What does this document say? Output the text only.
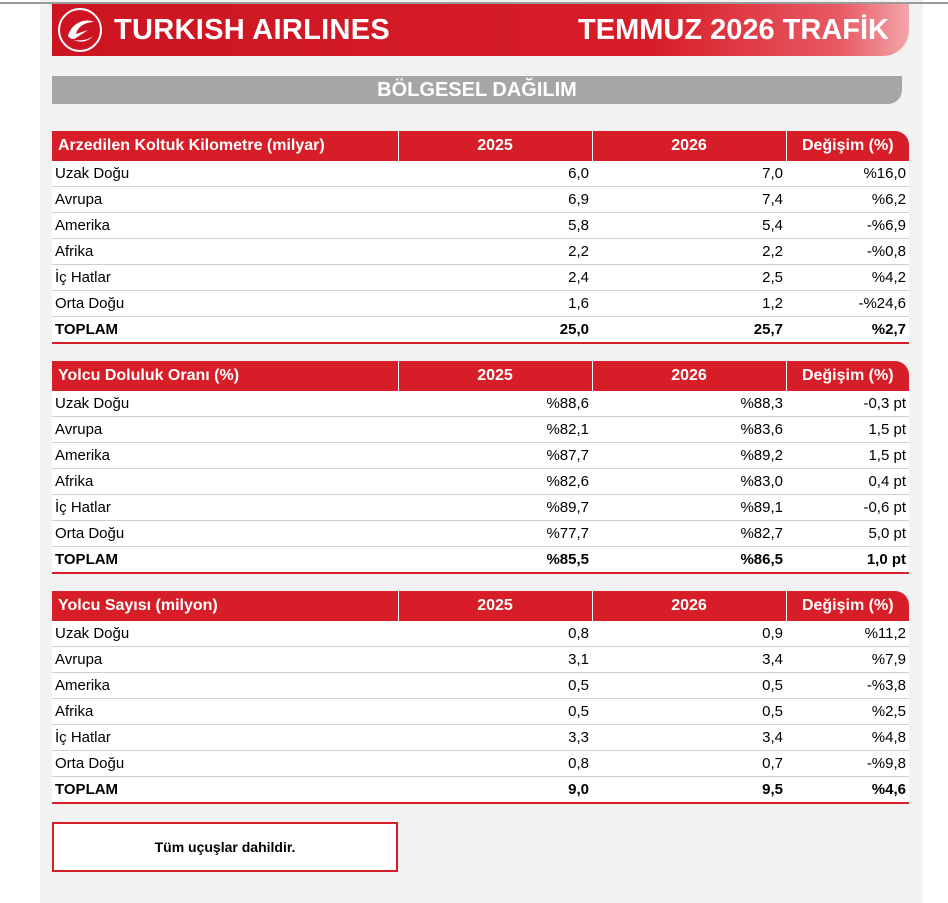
TURKISH AIRLINES	TEMMUZ 2026 TRAFİK
BÖLGESEL DAĞILIM
Arzedilen Koltuk Kilometre (milyar)	2025	2026	Değişim (%)
Uzak Doğu	6,0	7,0	%16,0
Avrupa	6,9	7,4	%6,2
Amerika	5,8	5,4	-%6,9
Afrika	2,2	2,2	-%0,8
İç Hatlar	2,4	2,5	%4,2
Orta Doğu	1,6	1,2	-%24,6
TOPLAM	25,0	25,7	%2,7
Yolcu Doluluk Oranı (%)	2025	2026	Değişim (%)
Uzak Doğu	%88,6	%88,3	-0,3 pt
Avrupa	%82,1	%83,6	1,5 pt
Amerika	%87,7	%89,2	1,5 pt
Afrika	%82,6	%83,0	0,4 pt
İç Hatlar	%89,7	%89,1	-0,6 pt
Orta Doğu	%77,7	%82,7	5,0 pt
TOPLAM	%85,5	%86,5	1,0 pt
Yolcu Sayısı (milyon)	2025	2026	Değişim (%)
Uzak Doğu	0,8	0,9	%11,2
Avrupa	3,1	3,4	%7,9
Amerika	0,5	0,5	-%3,8
Afrika	0,5	0,5	%2,5
İç Hatlar	3,3	3,4	%4,8
Orta Doğu	0,8	0,7	-%9,8
TOPLAM	9,0	9,5	%4,6
Tüm uçuşlar dahildir.
